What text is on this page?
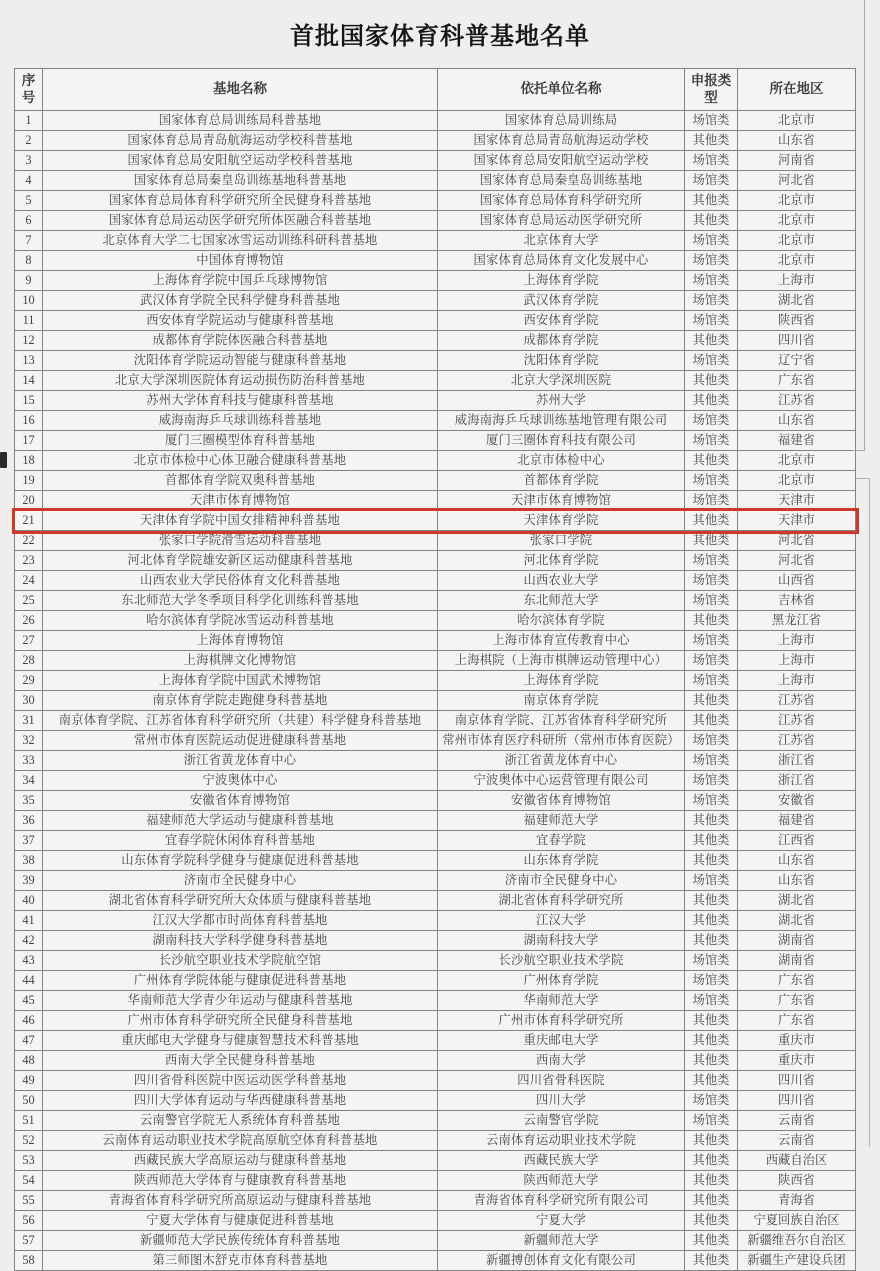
首批国家体育科普基地名单
序号	基地名称	依托单位名称	申报类型	所在地区
1	国家体育总局训练局科普基地	国家体育总局训练局	场馆类	北京市
2	国家体育总局青岛航海运动学校科普基地	国家体育总局青岛航海运动学校	其他类	山东省
3	国家体育总局安阳航空运动学校科普基地	国家体育总局安阳航空运动学校	场馆类	河南省
4	国家体育总局秦皇岛训练基地科普基地	国家体育总局秦皇岛训练基地	场馆类	河北省
5	国家体育总局体育科学研究所全民健身科普基地	国家体育总局体育科学研究所	其他类	北京市
6	国家体育总局运动医学研究所体医融合科普基地	国家体育总局运动医学研究所	其他类	北京市
7	北京体育大学二七国家冰雪运动训练科研科普基地	北京体育大学	场馆类	北京市
8	中国体育博物馆	国家体育总局体育文化发展中心	场馆类	北京市
9	上海体育学院中国乒乓球博物馆	上海体育学院	场馆类	上海市
10	武汉体育学院全民科学健身科普基地	武汉体育学院	场馆类	湖北省
11	西安体育学院运动与健康科普基地	西安体育学院	场馆类	陕西省
12	成都体育学院体医融合科普基地	成都体育学院	其他类	四川省
13	沈阳体育学院运动智能与健康科普基地	沈阳体育学院	场馆类	辽宁省
14	北京大学深圳医院体育运动损伤防治科普基地	北京大学深圳医院	其他类	广东省
15	苏州大学体育科技与健康科普基地	苏州大学	其他类	江苏省
16	威海南海乒乓球训练科普基地	威海南海乒乓球训练基地管理有限公司	场馆类	山东省
17	厦门三圈模型体育科普基地	厦门三圈体育科技有限公司	场馆类	福建省
18	北京市体检中心体卫融合健康科普基地	北京市体检中心	其他类	北京市
19	首都体育学院双奥科普基地	首都体育学院	场馆类	北京市
20	天津市体育博物馆	天津市体育博物馆	场馆类	天津市
21	天津体育学院中国女排精神科普基地	天津体育学院	其他类	天津市
22	张家口学院滑雪运动科普基地	张家口学院	其他类	河北省
23	河北体育学院雄安新区运动健康科普基地	河北体育学院	场馆类	河北省
24	山西农业大学民俗体育文化科普基地	山西农业大学	场馆类	山西省
25	东北师范大学冬季项目科学化训练科普基地	东北师范大学	场馆类	吉林省
26	哈尔滨体育学院冰雪运动科普基地	哈尔滨体育学院	其他类	黑龙江省
27	上海体育博物馆	上海市体育宣传教育中心	场馆类	上海市
28	上海棋牌文化博物馆	上海棋院（上海市棋牌运动管理中心）	场馆类	上海市
29	上海体育学院中国武术博物馆	上海体育学院	场馆类	上海市
30	南京体育学院走跑健身科普基地	南京体育学院	其他类	江苏省
31	南京体育学院、江苏省体育科学研究所（共建）科学健身科普基地	南京体育学院、江苏省体育科学研究所	其他类	江苏省
32	常州市体育医院运动促进健康科普基地	常州市体育医疗科研所（常州市体育医院）	场馆类	江苏省
33	浙江省黄龙体育中心	浙江省黄龙体育中心	场馆类	浙江省
34	宁波奥体中心	宁波奥体中心运营管理有限公司	场馆类	浙江省
35	安徽省体育博物馆	安徽省体育博物馆	场馆类	安徽省
36	福建师范大学运动与健康科普基地	福建师范大学	其他类	福建省
37	宜春学院休闲体育科普基地	宜春学院	其他类	江西省
38	山东体育学院科学健身与健康促进科普基地	山东体育学院	其他类	山东省
39	济南市全民健身中心	济南市全民健身中心	场馆类	山东省
40	湖北省体育科学研究所大众体质与健康科普基地	湖北省体育科学研究所	其他类	湖北省
41	江汉大学都市时尚体育科普基地	江汉大学	其他类	湖北省
42	湖南科技大学科学健身科普基地	湖南科技大学	其他类	湖南省
43	长沙航空职业技术学院航空馆	长沙航空职业技术学院	场馆类	湖南省
44	广州体育学院体能与健康促进科普基地	广州体育学院	场馆类	广东省
45	华南师范大学青少年运动与健康科普基地	华南师范大学	场馆类	广东省
46	广州市体育科学研究所全民健身科普基地	广州市体育科学研究所	其他类	广东省
47	重庆邮电大学健身与健康智慧技术科普基地	重庆邮电大学	其他类	重庆市
48	西南大学全民健身科普基地	西南大学	其他类	重庆市
49	四川省骨科医院中医运动医学科普基地	四川省骨科医院	其他类	四川省
50	四川大学体育运动与华西健康科普基地	四川大学	场馆类	四川省
51	云南警官学院无人系统体育科普基地	云南警官学院	场馆类	云南省
52	云南体育运动职业技术学院高原航空体育科普基地	云南体育运动职业技术学院	其他类	云南省
53	西藏民族大学高原运动与健康科普基地	西藏民族大学	其他类	西藏自治区
54	陕西师范大学体育与健康教育科普基地	陕西师范大学	其他类	陕西省
55	青海省体育科学研究所高原运动与健康科普基地	青海省体育科学研究所有限公司	其他类	青海省
56	宁夏大学体育与健康促进科普基地	宁夏大学	其他类	宁夏回族自治区
57	新疆师范大学民族传统体育科普基地	新疆师范大学	其他类	新疆维吾尔自治区
58	第三师图木舒克市体育科普基地	新疆搏创体育文化有限公司	其他类	新疆生产建设兵团
